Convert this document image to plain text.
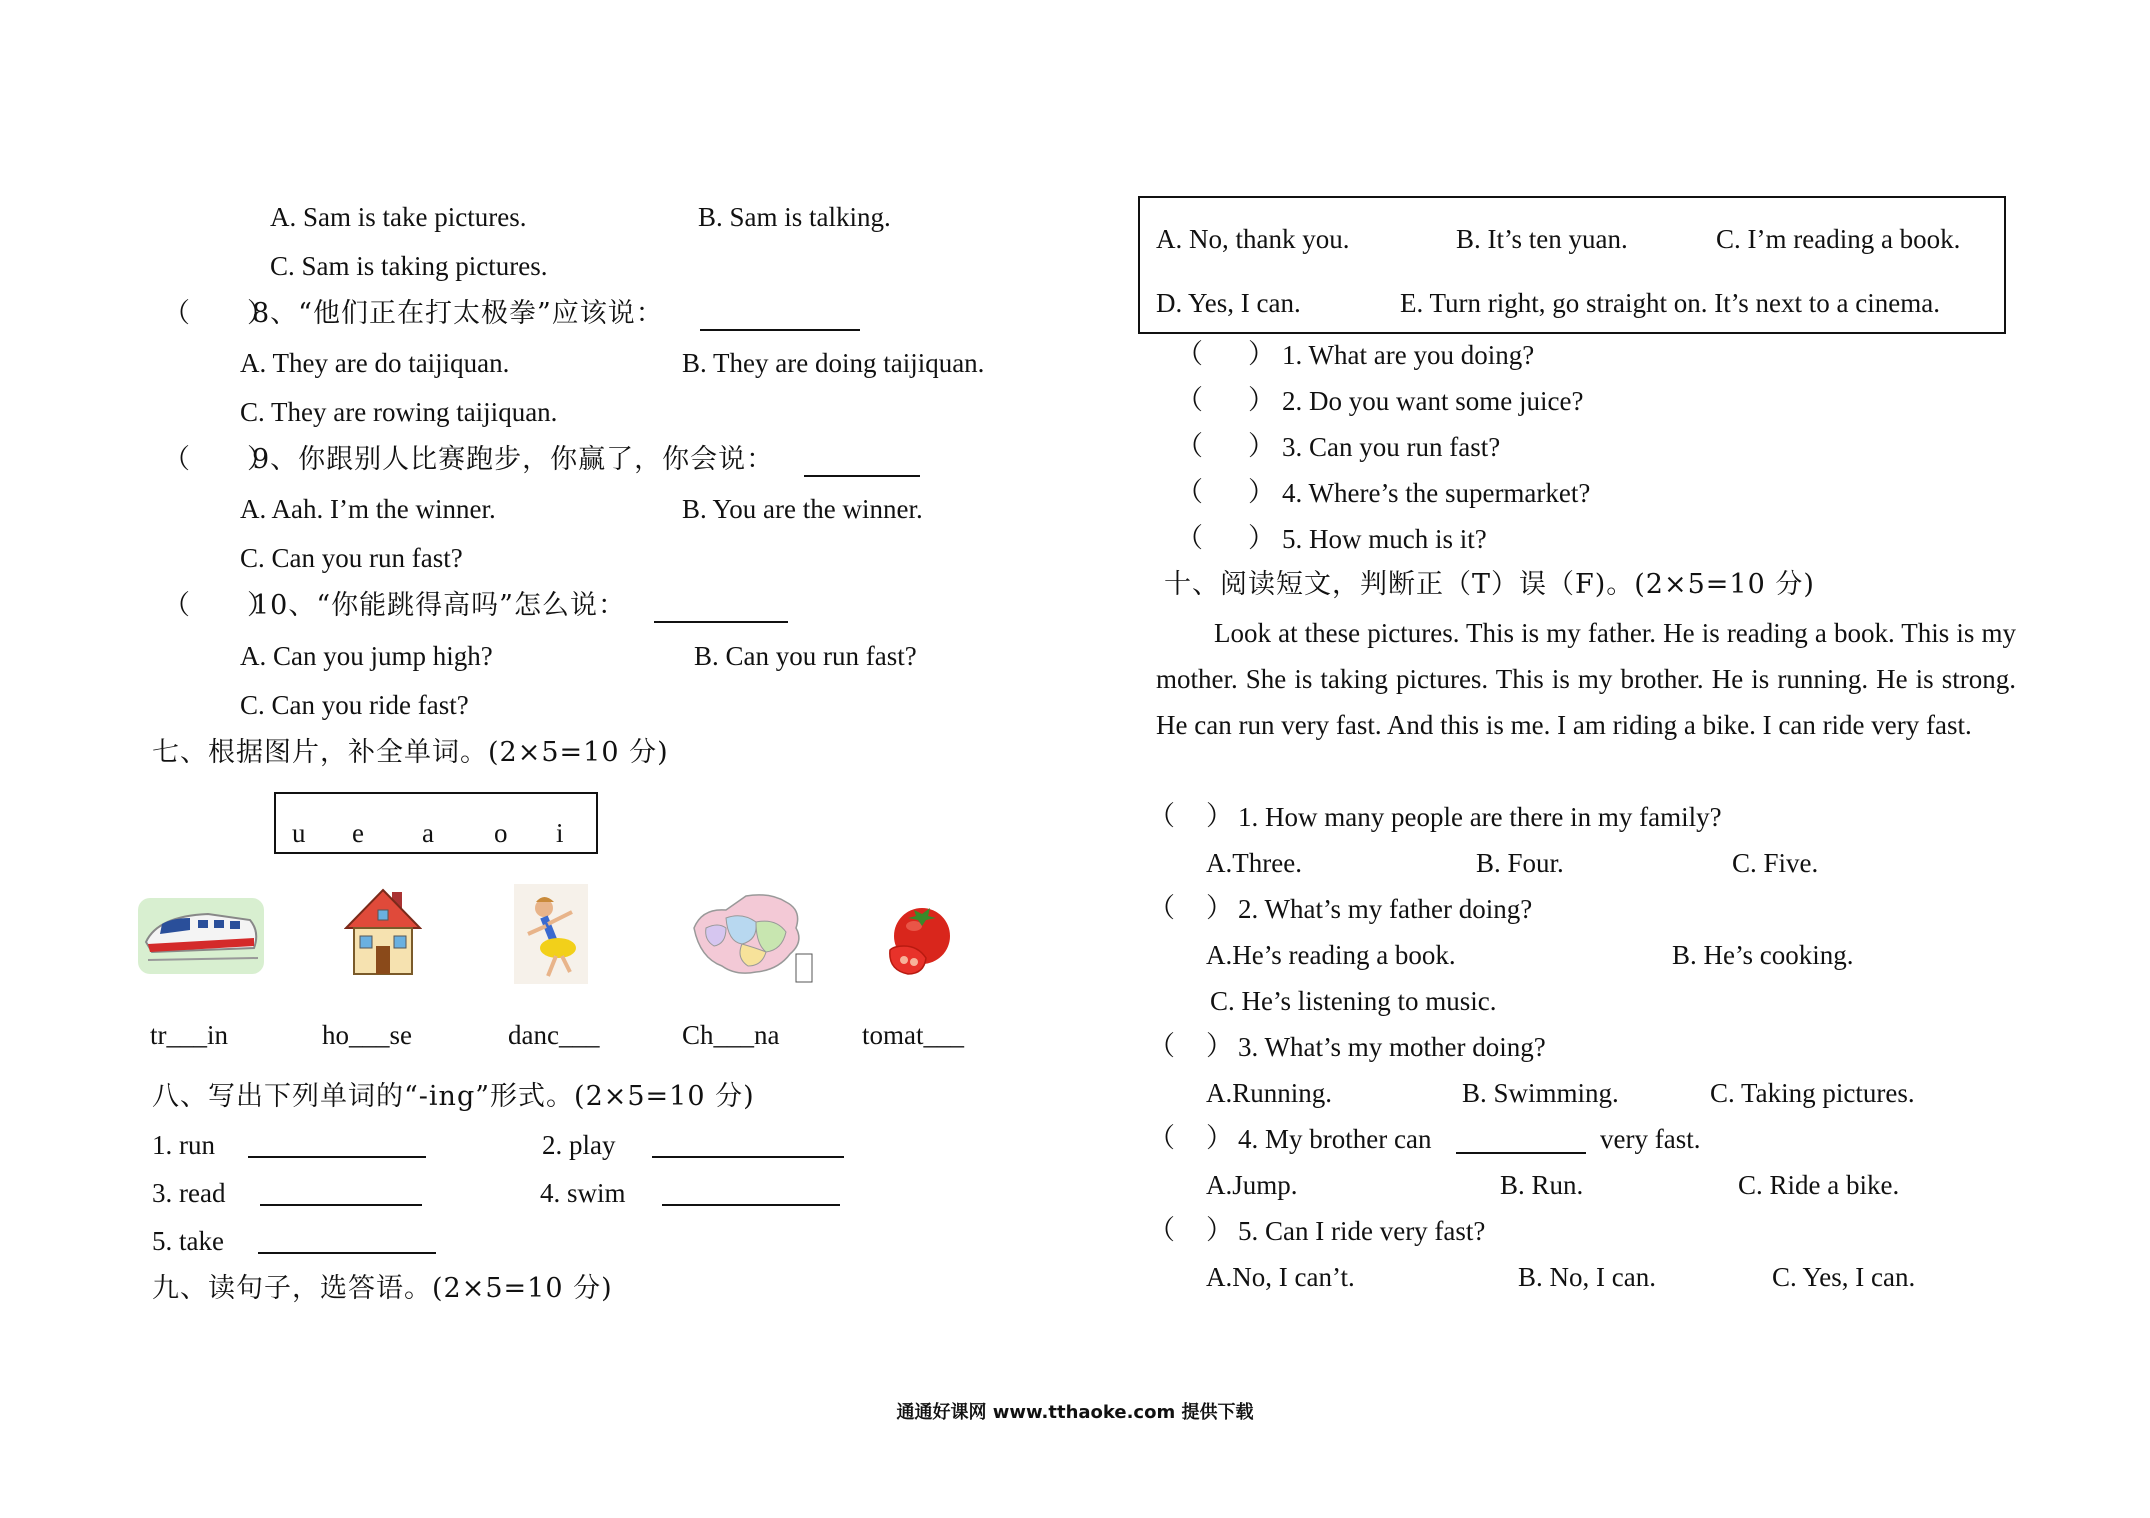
A. Sam is take pictures.	B. Sam is talking.
C. Sam is taking pictures.
（　　）
8、“他们正在打太极拳”应该说：
A. They are do taijiquan.	B. They are doing taijiquan.
C. They are rowing taijiquan.
（　　）
9、你跟别人比赛跑步，你赢了，你会说：
A. Aah. I’m the winner.	B. You are the winner.
C. Can you run fast?
（　　）
10、“你能跳得高吗”怎么说：
A. Can you jump high?	B. Can you run fast?
C. Can you ride fast?
七、根据图片，补全单词。(2×5=10 分)
u e a o i
tr___in	ho___se	danc___	Ch___na	tomat___
八、写出下列单词的“-ing”形式。(2×5=10 分)
1. run	2. play
3. read	4. swim
5. take
九、读句子，选答语。(2×5=10 分)
A. No, thank you.	B. It’s ten yuan.	C. I’m reading a book.
D. Yes, I can.	E. Turn right, go straight on. It’s next to a cinema.
（ ） 1. What are you doing?
（ ） 2. Do you want some juice?
（ ） 3. Can you run fast?
（ ） 4. Where’s the supermarket?
（ ） 5. How much is it?
十、阅读短文，判断正（T）误（F)。(2×5=10 分)
Look at these pictures. This is my father. He is reading a book. This is my mother. She is taking pictures. This is my brother. He is running. He is strong. He can run very fast. And this is me. I am riding a bike. I can ride very fast.
（ ） 1. How many people are there in my family?
A.Three.	B. Four.	C. Five.
（ ） 2. What’s my father doing?
A.He’s reading a book.	B. He’s cooking.
C. He’s listening to music.
（ ） 3. What’s my mother doing?
A.Running.	B. Swimming.	C. Taking pictures.
（ ） 4. My brother can	very fast.
A.Jump.	B. Run.	C. Ride a bike.
（ ） 5. Can I ride very fast?
A.No, I can’t.	B. No, I can.	C. Yes, I can.
通通好课网 www.tthaoke.com 提供下载
